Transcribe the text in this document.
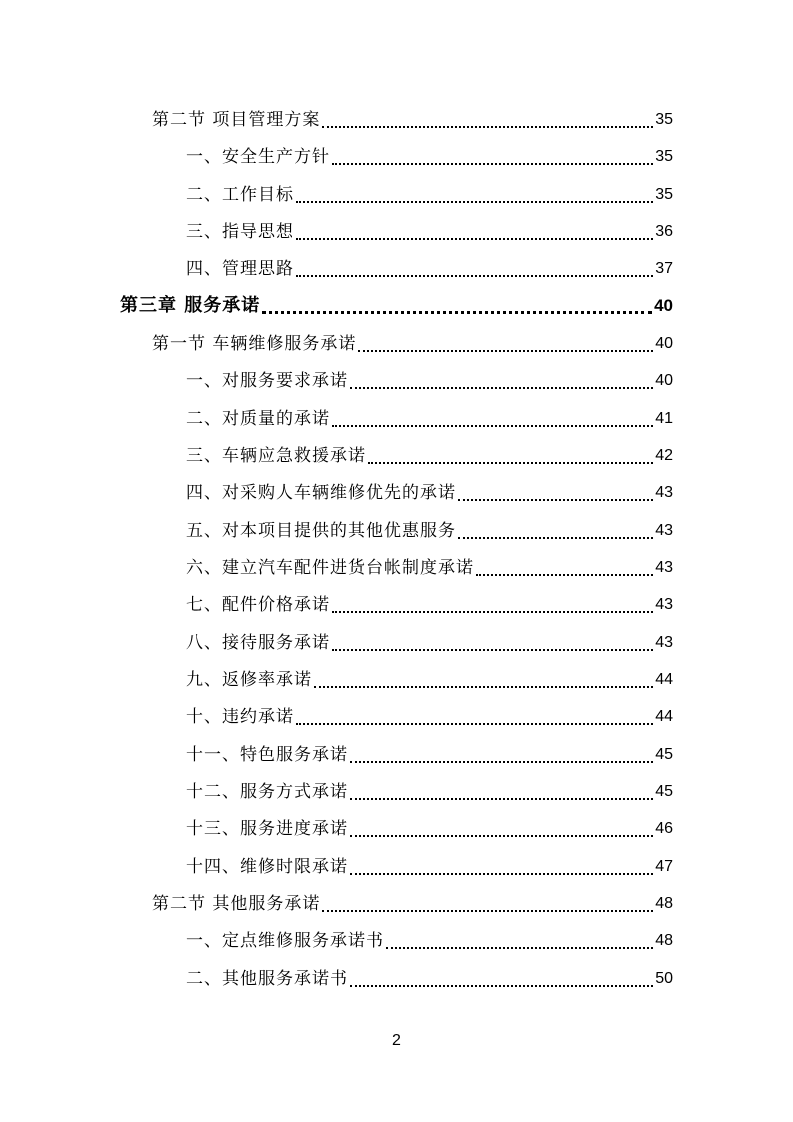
第二节 项目管理方案	35
一、安全生产方针	35
二、工作目标	35
三、指导思想	36
四、管理思路	37
第三章 服务承诺	40
第一节 车辆维修服务承诺	40
一、对服务要求承诺	40
二、对质量的承诺	41
三、车辆应急救援承诺	42
四、对采购人车辆维修优先的承诺	43
五、对本项目提供的其他优惠服务	43
六、建立汽车配件进货台帐制度承诺	43
七、配件价格承诺	43
八、接待服务承诺	43
九、返修率承诺	44
十、违约承诺	44
十一、特色服务承诺	45
十二、服务方式承诺	45
十三、服务进度承诺	46
十四、维修时限承诺	47
第二节 其他服务承诺	48
一、定点维修服务承诺书	48
二、其他服务承诺书	50
2
